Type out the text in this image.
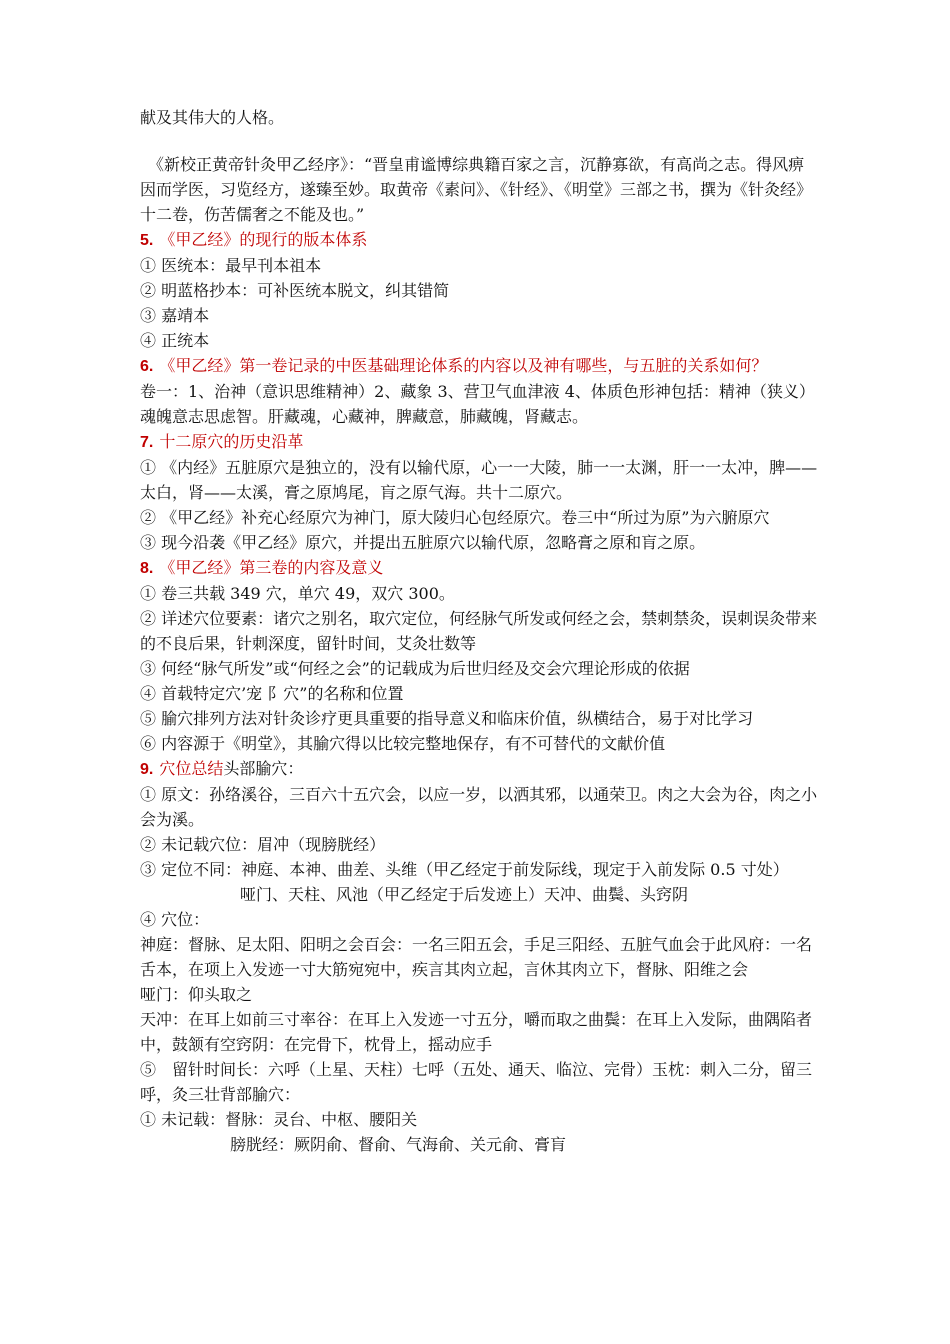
献及其伟大的人格。

《新校正黄帝针灸甲乙经序》：“晋皇甫谧博综典籍百家之言，沉静寡欲，有高尚之志。得风痹因而学医，习览经方，遂臻至妙。取黄帝《素问》、《针经》、《明堂》三部之书，撰为《针灸经》十二卷，伤苦儒奢之不能及也。”

5. 《甲乙经》的现行的版本体系

① 医统本：最早刊本祖本

② 明蓝格抄本：可补医统本脱文，纠其错简

③ 嘉靖本

④ 正统本

6. 《甲乙经》第一卷记录的中医基础理论体系的内容以及神有哪些，与五脏的关系如何？

卷一：1、治神（意识思维精神）2、藏象 3、营卫气血津液 4、体质色形神包括：精神（狭义）魂魄意志思虑智。肝藏魂，心藏神，脾藏意，肺藏魄，肾藏志。

7. 十二原穴的历史沿革

① 《内经》五脏原穴是独立的，没有以输代原，心一一大陵，肺一一太渊，肝一一太冲，脾——太白，肾——太溪，膏之原鸠尾，肓之原气海。共十二原穴。

② 《甲乙经》补充心经原穴为神门，原大陵归心包经原穴。卷三中“所过为原”为六腑原穴

③ 现今沿袭《甲乙经》原穴，并提出五脏原穴以输代原，忽略膏之原和肓之原。

8. 《甲乙经》第三卷的内容及意义

① 卷三共载 349 穴，单穴 49，双穴 300。

② 详述穴位要素：诸穴之别名，取穴定位，何经脉气所发或何经之会，禁刺禁灸，误刺误灸带来的不良后果，针刺深度，留针时间，艾灸壮数等

③ 何经“脉气所发”或“何经之会”的记载成为后世归经及交会穴理论形成的依据

④ 首载特定穴’宠 阝穴”的名称和位置

⑤ 腧穴排列方法对针灸诊疗更具重要的指导意义和临床价值，纵横结合，易于对比学习

⑥ 内容源于《明堂》，其腧穴得以比较完整地保存，有不可替代的文献价值

9. 穴位总结头部腧穴：

① 原文：孙络溪谷，三百六十五穴会，以应一岁，以洒其邪，以通荣卫。肉之大会为谷，肉之小会为溪。

② 未记载穴位：眉冲（现膀胱经）

③ 定位不同：神庭、本神、曲差、头维（甲乙经定于前发际线，现定于入前发际 0.5 寸处）

哑门、天柱、风池（甲乙经定于后发迹上）天冲、曲鬓、头窍阴

④ 穴位：

神庭：督脉、足太阳、阳明之会百会：一名三阳五会，手足三阳经、五脏气血会于此风府：一名舌本，在项上入发迹一寸大筋宛宛中，疾言其肉立起，言休其肉立下，督脉、阳维之会

哑门：仰头取之

天冲：在耳上如前三寸率谷：在耳上入发迹一寸五分，嚼而取之曲鬓：在耳上入发际，曲隅陷者中，鼓颔有空窍阴：在完骨下，枕骨上，摇动应手

⑤　留针时间长：六呼（上星、天柱）七呼（五处、通天、临泣、完骨）玉枕：刺入二分，留三呼，灸三壮背部腧穴：

① 未记载：督脉：灵台、中枢、腰阳关

膀胱经：厥阴俞、督俞、气海俞、关元俞、膏肓
